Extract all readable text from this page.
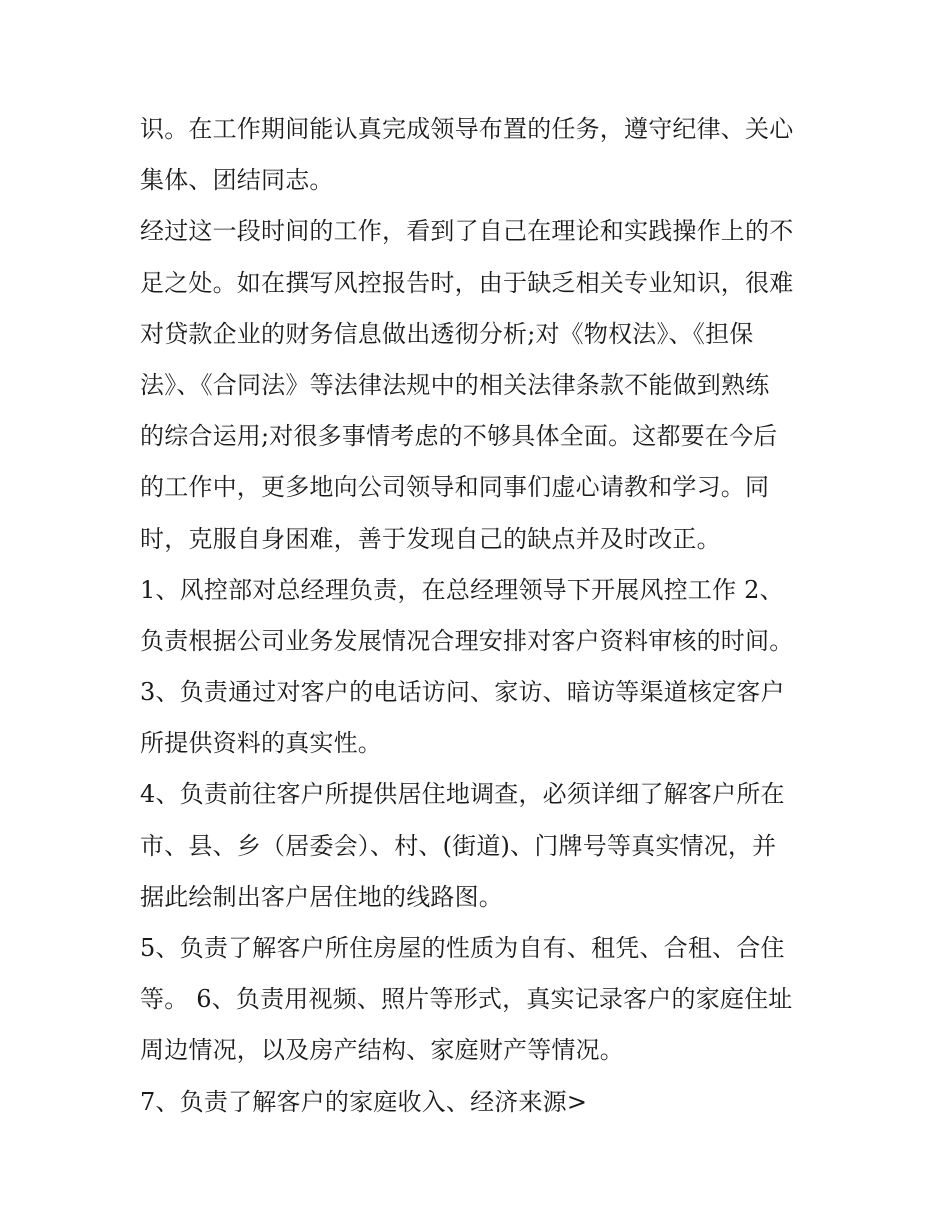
识。在工作期间能认真完成领导布置的任务，遵守纪律、关心
集体、团结同志。
经过这一段时间的工作，看到了自己在理论和实践操作上的不
足之处。如在撰写风控报告时，由于缺乏相关专业知识，很难
对贷款企业的财务信息做出透彻分析;对《物权法》、《担保
法》、《合同法》等法律法规中的相关法律条款不能做到熟练
的综合运用;对很多事情考虑的不够具体全面。这都要在今后
的工作中，更多地向公司领导和同事们虚心请教和学习。同
时，克服自身困难，善于发现自己的缺点并及时改正。
1、风控部对总经理负责，在总经理领导下开展风控工作 2、
负责根据公司业务发展情况合理安排对客户资料审核的时间。
3、负责通过对客户的电话访问、家访、暗访等渠道核定客户
所提供资料的真实性。
4、负责前往客户所提供居住地调查，必须详细了解客户所在
市、县、乡（居委会）、村、(街道)、门牌号等真实情况，并
据此绘制出客户居住地的线路图。
5、负责了解客户所住房屋的性质为自有、租凭、合租、合住
等。 6、负责用视频、照片等形式，真实记录客户的家庭住址
周边情况，以及房产结构、家庭财产等情况。
7、负责了解客户的家庭收入、经济来源>
